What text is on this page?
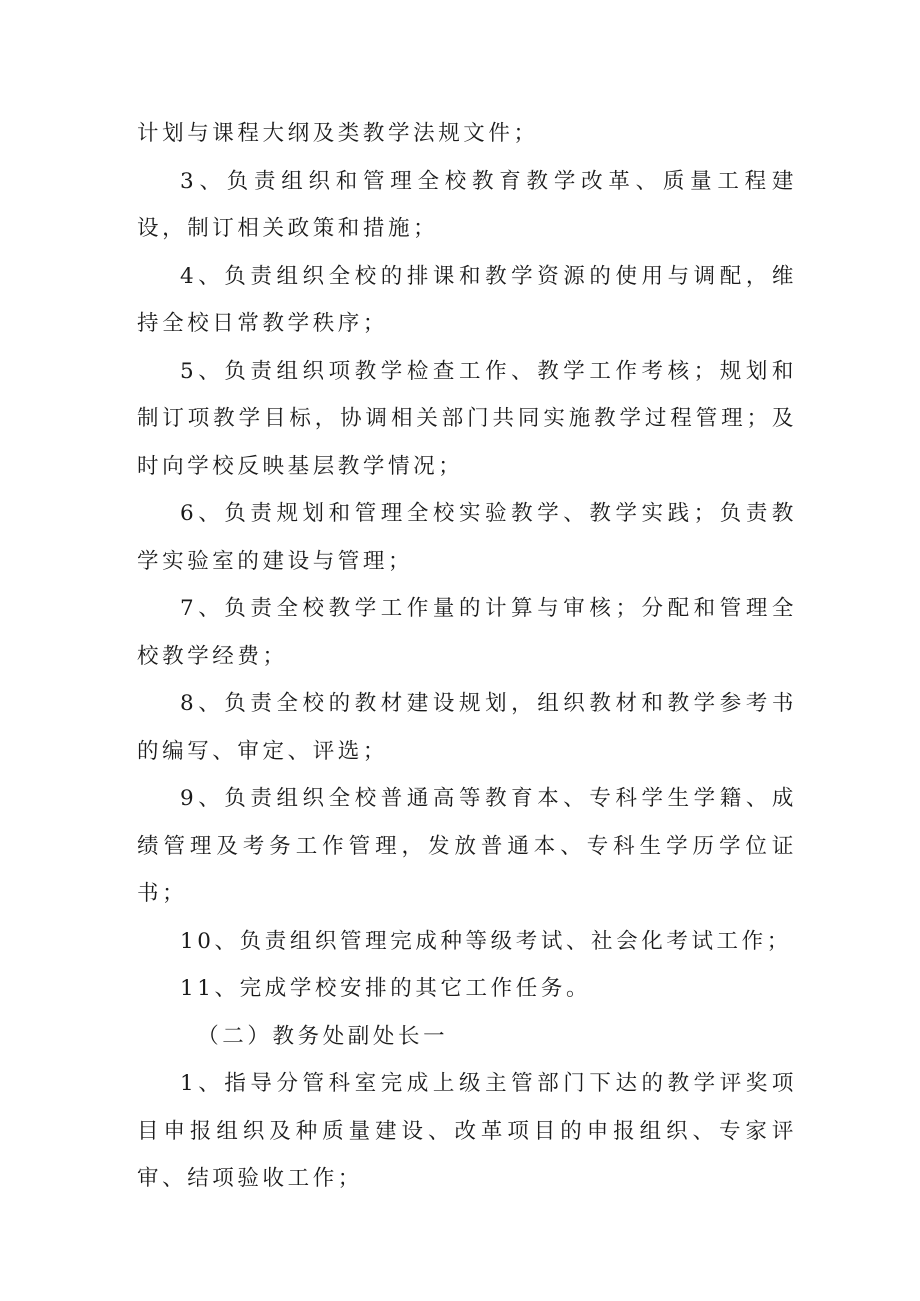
计划与课程大纲及类教学法规文件；

3、负责组织和管理全校教育教学改革、质量工程建设，制订相关政策和措施；

4、负责组织全校的排课和教学资源的使用与调配，维持全校日常教学秩序；

5、负责组织项教学检查工作、教学工作考核；规划和制订项教学目标，协调相关部门共同实施教学过程管理；及时向学校反映基层教学情况；

6、负责规划和管理全校实验教学、教学实践；负责教学实验室的建设与管理；

7、负责全校教学工作量的计算与审核；分配和管理全校教学经费；

8、负责全校的教材建设规划，组织教材和教学参考书的编写、审定、评选；

9、负责组织全校普通高等教育本、专科学生学籍、成绩管理及考务工作管理，发放普通本、专科生学历学位证书；

10、负责组织管理完成种等级考试、社会化考试工作；

11、完成学校安排的其它工作任务。

（二）教务处副处长一

1、指导分管科室完成上级主管部门下达的教学评奖项目申报组织及种质量建设、改革项目的申报组织、专家评审、结项验收工作；
